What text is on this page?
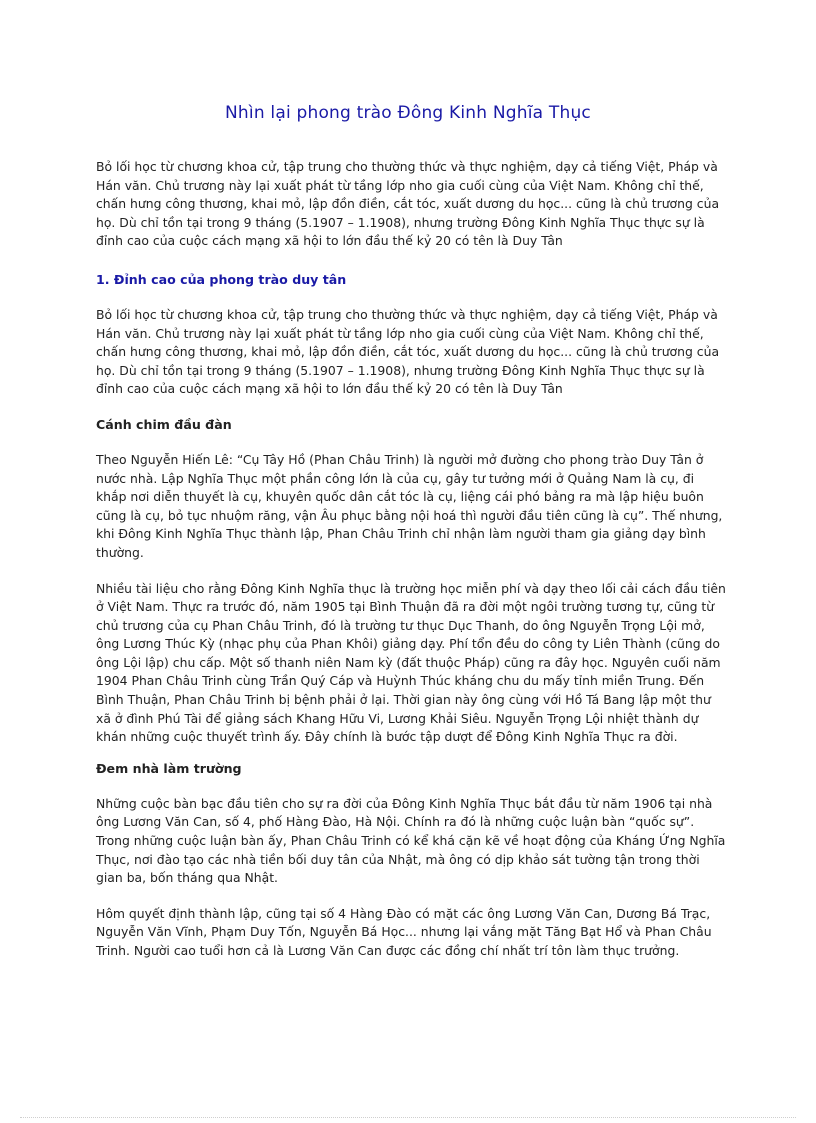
Nhìn lại phong trào Đông Kinh Nghĩa Thục

Bỏ lối học từ chương khoa cử, tập trung cho thường thức và thực nghiệm, dạy cả tiếng Việt, Pháp và Hán văn. Chủ trương này lại xuất phát từ tầng lớp nho gia cuối cùng của Việt Nam. Không chỉ thế, chấn hưng công thương, khai mỏ, lập đồn điền, cắt tóc, xuất dương du học... cũng là chủ trương của họ. Dù chỉ tồn tại trong 9 tháng (5.1907 – 1.1908), nhưng trường Đông Kinh Nghĩa Thục thực sự là đỉnh cao của cuộc cách mạng xã hội to lớn đầu thế kỷ 20 có tên là Duy Tân

1. Đỉnh cao của phong trào duy tân

Bỏ lối học từ chương khoa cử, tập trung cho thường thức và thực nghiệm, dạy cả tiếng Việt, Pháp và Hán văn. Chủ trương này lại xuất phát từ tầng lớp nho gia cuối cùng của Việt Nam. Không chỉ thế, chấn hưng công thương, khai mỏ, lập đồn điền, cắt tóc, xuất dương du học... cũng là chủ trương của họ. Dù chỉ tồn tại trong 9 tháng (5.1907 – 1.1908), nhưng trường Đông Kinh Nghĩa Thục thực sự là đỉnh cao của cuộc cách mạng xã hội to lớn đầu thế kỷ 20 có tên là Duy Tân

Cánh chim đầu đàn

Theo Nguyễn Hiến Lê: “Cụ Tây Hồ (Phan Châu Trinh) là người mở đường cho phong trào Duy Tân ở nước nhà. Lập Nghĩa Thục một phần công lớn là của cụ, gây tư tưởng mới ở Quảng Nam là cụ, đi khắp nơi diễn thuyết là cụ, khuyên quốc dân cắt tóc là cụ, liệng cái phó bảng ra mà lập hiệu buôn cũng là cụ, bỏ tục nhuộm răng, vận Âu phục bằng nội hoá thì người đầu tiên cũng là cụ”. Thế nhưng, khi Đông Kinh Nghĩa Thục thành lập, Phan Châu Trinh chỉ nhận làm người tham gia giảng dạy bình thường.

Nhiều tài liệu cho rằng Đông Kinh Nghĩa thục là trường học miễn phí và dạy theo lối cải cách đầu tiên ở Việt Nam. Thực ra trước đó, năm 1905 tại Bình Thuận đã ra đời một ngôi trường tương tự, cũng từ chủ trương của cụ Phan Châu Trinh, đó là trường tư thục Dục Thanh, do ông Nguyễn Trọng Lội mở, ông Lương Thúc Kỳ (nhạc phụ của Phan Khôi) giảng dạy. Phí tổn đều do công ty Liên Thành (cũng do ông Lội lập) chu cấp. Một số thanh niên Nam kỳ (đất thuộc Pháp) cũng ra đây học. Nguyên cuối năm 1904 Phan Châu Trinh cùng Trần Quý Cáp và Huỳnh Thúc kháng chu du mấy tỉnh miền Trung. Đến Bình Thuận, Phan Châu Trinh bị bệnh phải ở lại. Thời gian này ông cùng với Hồ Tá Bang lập một thư xã ở đình Phú Tài để giảng sách Khang Hữu Vi, Lương Khải Siêu. Nguyễn Trọng Lội nhiệt thành dự khán những cuộc thuyết trình ấy. Đây chính là bước tập dượt để Đông Kinh Nghĩa Thục ra đời.

Đem nhà làm trường

Những cuộc bàn bạc đầu tiên cho sự ra đời của Đông Kinh Nghĩa Thục bắt đầu từ năm 1906 tại nhà ông Lương Văn Can, số 4, phố Hàng Đào, Hà Nội. Chính ra đó là những cuộc luận bàn “quốc sự”. Trong những cuộc luận bàn ấy, Phan Châu Trinh có kể khá cặn kẽ về hoạt động của Kháng Ứng Nghĩa Thục, nơi đào tạo các nhà tiền bối duy tân của Nhật, mà ông có dịp khảo sát tường tận trong thời gian ba, bốn tháng qua Nhật.

Hôm quyết định thành lập, cũng tại số 4 Hàng Đào có mặt các ông Lương Văn Can, Dương Bá Trạc, Nguyễn Văn Vĩnh, Phạm Duy Tốn, Nguyễn Bá Học... nhưng lại vắng mặt Tăng Bạt Hổ và Phan Châu Trinh. Người cao tuổi hơn cả là Lương Văn Can được các đồng chí nhất trí tôn làm thục trưởng.
